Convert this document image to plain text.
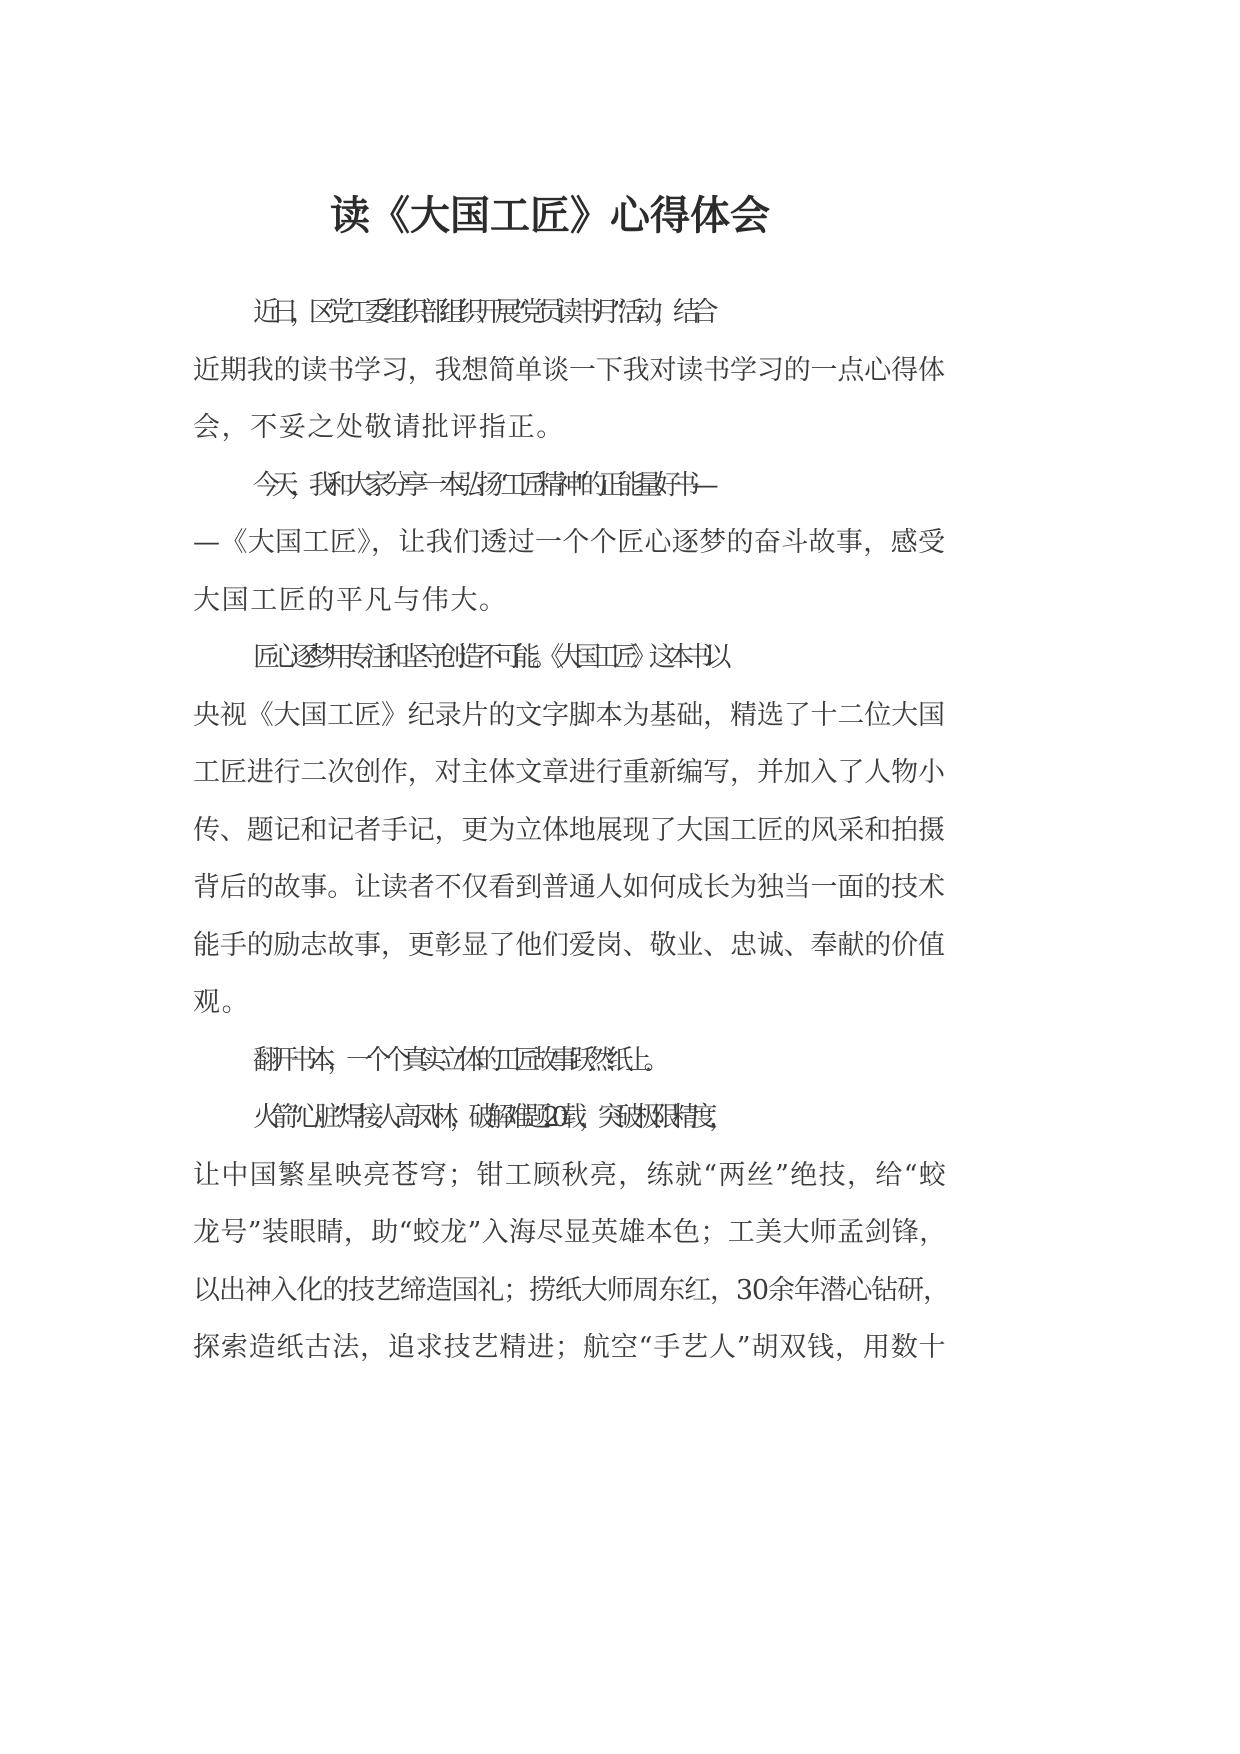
读《大国工匠》心得体会

近日，区党工委组织部组织开展“党员读书月”活动，结合
近期我的读书学习，我想简单谈一下我对读书学习的一点心得体
会，不妥之处敬请批评指正。

今天，我和大家分享一本弘扬“工匠精神”的正能量好书—
—《大国工匠》，让我们透过一个个匠心逐梦的奋斗故事，感受
大国工匠的平凡与伟大。

匠心逐梦用专注和坚守创造不可能。《大国工匠》这本书以
央视《大国工匠》纪录片的文字脚本为基础，精选了十二位大国
工匠进行二次创作，对主体文章进行重新编写，并加入了人物小
传、题记和记者手记，更为立体地展现了大国工匠的风采和拍摄
背后的故事。让读者不仅看到普通人如何成长为独当一面的技术
能手的励志故事，更彰显了他们爱岗、敬业、忠诚、奉献的价值
观。

翻开书本，一个个真实立体的工匠故事跃然纸上。

火箭“心脏”焊接人高凤林，破解难题20载，突破极限精度，
让中国繁星映亮苍穹；钳工顾秋亮，练就“两丝”绝技，给“蛟
龙号”装眼睛，助“蛟龙”入海尽显英雄本色；工美大师孟剑锋，
以出神入化的技艺缔造国礼；捞纸大师周东红，30余年潜心钻研，
探索造纸古法，追求技艺精进；航空“手艺人”胡双钱，用数十
